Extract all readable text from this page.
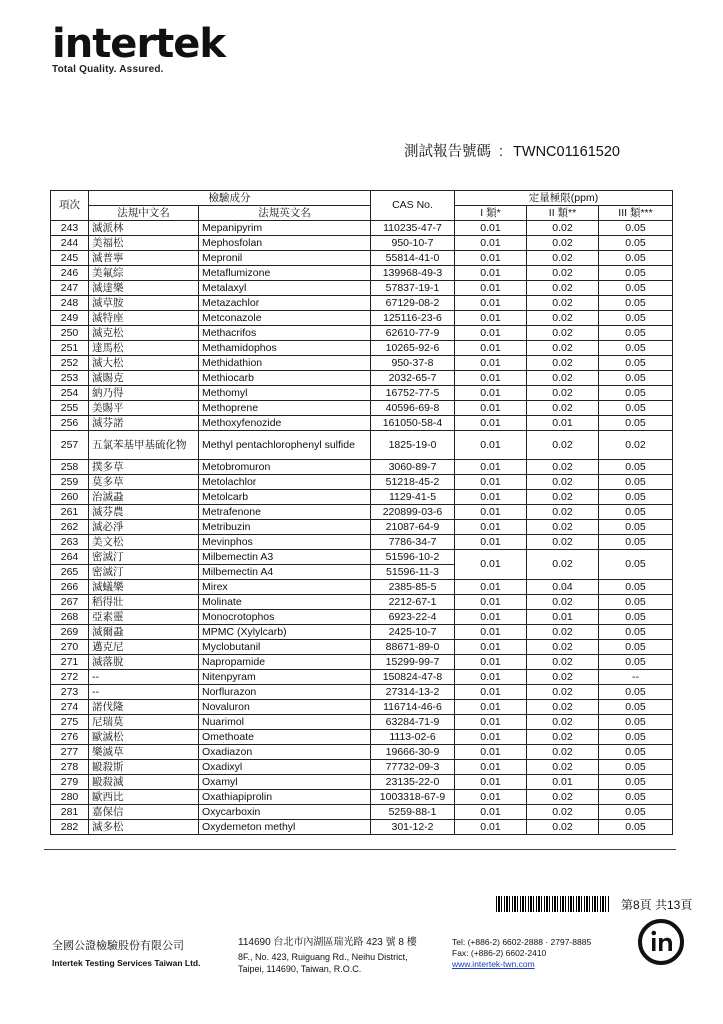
intertek
Total Quality. Assured.
測試報告號碼 : TWNC01161520
項次	檢驗成分		CAS No.	定量極限(ppm)		
	法規中文名	法規英文名		I 類*	II 類**	III 類***
243	滅派林	Mepanipyrim	110235-47-7	0.01	0.02	0.05
244	美福松	Mephosfolan	950-10-7	0.01	0.02	0.05
245	滅普寧	Mepronil	55814-41-0	0.01	0.02	0.05
246	美氟綜	Metaflumizone	139968-49-3	0.01	0.02	0.05
247	滅達樂	Metalaxyl	57837-19-1	0.01	0.02	0.05
248	滅草胺	Metazachlor	67129-08-2	0.01	0.02	0.05
249	滅特座	Metconazole	125116-23-6	0.01	0.02	0.05
250	滅克松	Methacrifos	62610-77-9	0.01	0.02	0.05
251	達馬松	Methamidophos	10265-92-6	0.01	0.02	0.05
252	滅大松	Methidathion	950-37-8	0.01	0.02	0.05
253	滅賜克	Methiocarb	2032-65-7	0.01	0.02	0.05
254	納乃得	Methomyl	16752-77-5	0.01	0.02	0.05
255	美賜平	Methoprene	40596-69-8	0.01	0.02	0.05
256	滅芬諾	Methoxyfenozide	161050-58-4	0.01	0.01	0.05
257	五氯苯基甲基硫化物	Methyl pentachlorophenyl sulfide	1825-19-0	0.01	0.02	0.02
258	撲多草	Metobromuron	3060-89-7	0.01	0.02	0.05
259	莫多草	Metolachlor	51218-45-2	0.01	0.02	0.05
260	治滅蝨	Metolcarb	1129-41-5	0.01	0.02	0.05
261	滅芬農	Metrafenone	220899-03-6	0.01	0.02	0.05
262	滅必淨	Metribuzin	21087-64-9	0.01	0.02	0.05
263	美文松	Mevinphos	7786-34-7	0.01	0.02	0.05
264	密滅汀	Milbemectin A3	51596-10-2	0.01	0.02	0.05
265	密滅汀	Milbemectin A4	51596-11-3			
266	滅蟻樂	Mirex	2385-85-5	0.01	0.04	0.05
267	稻得壯	Molinate	2212-67-1	0.01	0.02	0.05
268	亞素靈	Monocrotophos	6923-22-4	0.01	0.01	0.05
269	滅爾蝨	MPMC (Xylylcarb)	2425-10-7	0.01	0.02	0.05
270	邁克尼	Myclobutanil	88671-89-0	0.01	0.02	0.05
271	滅落脫	Napropamide	15299-99-7	0.01	0.02	0.05
272	--	Nitenpyram	150824-47-8	0.01	0.02	--
273	--	Norflurazon	27314-13-2	0.01	0.02	0.05
274	諾伐隆	Novaluron	116714-46-6	0.01	0.02	0.05
275	尼瑞莫	Nuarimol	63284-71-9	0.01	0.02	0.05
276	歐滅松	Omethoate	1113-02-6	0.01	0.02	0.05
277	樂滅草	Oxadiazon	19666-30-9	0.01	0.02	0.05
278	毆殺斯	Oxadixyl	77732-09-3	0.01	0.02	0.05
279	毆殺滅	Oxamyl	23135-22-0	0.01	0.01	0.05
280	歐西比	Oxathiapiprolin	1003318-67-9	0.01	0.02	0.05
281	嘉保信	Oxycarboxin	5259-88-1	0.01	0.02	0.05
282	滅多松	Oxydemeton methyl	301-12-2	0.01	0.02	0.05
第8頁 共13頁
全國公證檢驗股份有限公司
Intertek Testing Services Taiwan Ltd.
114690 台北市內湖區瑞光路 423 號 8 樓
8F., No. 423, Ruiguang Rd., Neihu District,
Taipei, 114690, Taiwan, R.O.C.
Tel: (+886-2) 6602-2888 · 2797-8885
Fax: (+886-2) 6602-2410
www.intertek-twn.com
